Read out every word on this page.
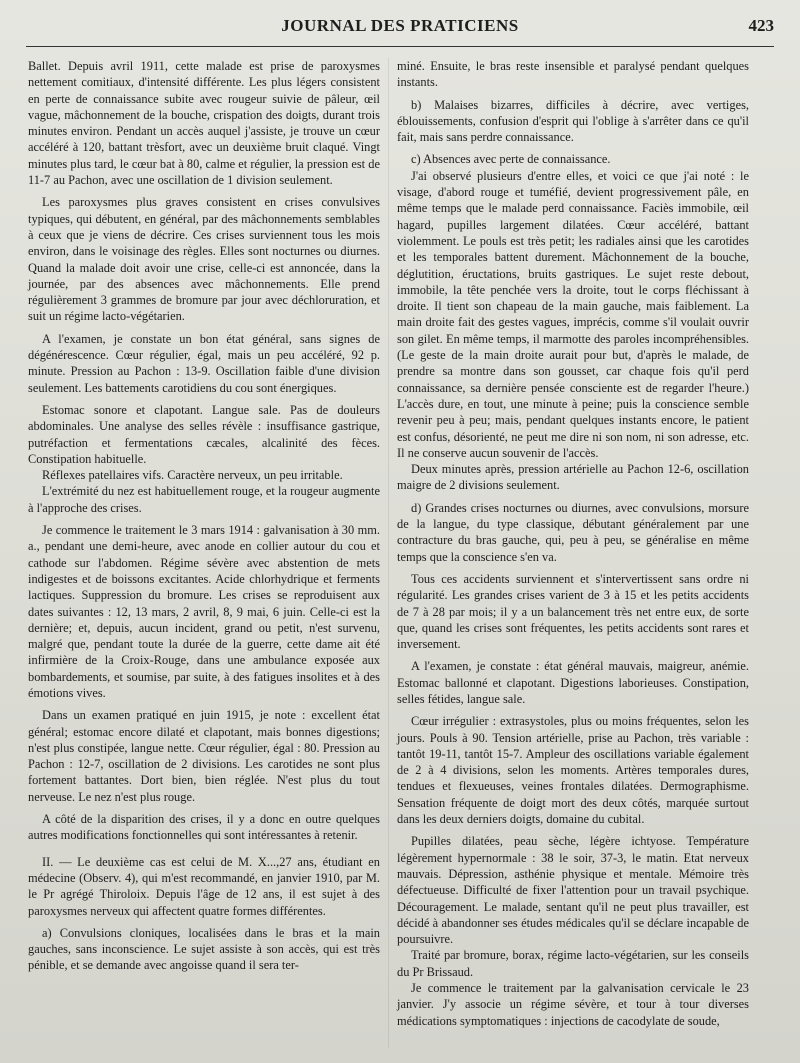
JOURNAL DES PRATICIENS	423

Ballet. Depuis avril 1911, cette malade est prise de paroxysmes nettement comitiaux, d'intensité différente. Les plus légers consistent en perte de connaissance subite avec rougeur suivie de pâleur, œil vague, mâchonnement de la bouche, crispation des doigts, durant trois minutes environ. Pendant un accès auquel j'assiste, je trouve un cœur accéléré à 120, battant trèsfort, avec un deuxième bruit claqué. Vingt minutes plus tard, le cœur bat à 80, calme et régulier, la pression est de 11-7 au Pachon, avec une oscillation de 1 division seulement.

Les paroxysmes plus graves consistent en crises convulsives typiques, qui débutent, en général, par des mâchonnements semblables à ceux que je viens de décrire. Ces crises surviennent tous les mois environ, dans le voisinage des règles. Elles sont nocturnes ou diurnes. Quand la malade doit avoir une crise, celle-ci est annoncée, dans la journée, par des absences avec mâchonnements. Elle prend régulièrement 3 grammes de bromure par jour avec déchloruration, et suit un régime lacto-végétarien.

A l'examen, je constate un bon état général, sans signes de dégénérescence. Cœur régulier, égal, mais un peu accéléré, 92 p. minute. Pression au Pachon : 13-9. Oscillation faible d'une division seulement. Les battements carotidiens du cou sont énergiques.

Estomac sonore et clapotant. Langue sale. Pas de douleurs abdominales. Une analyse des selles révèle : insuffisance gastrique, putréfaction et fermentations cæcales, alcalinité des fèces. Constipation habituelle.

Réflexes patellaires vifs. Caractère nerveux, un peu irritable.

L'extrémité du nez est habituellement rouge, et la rougeur augmente à l'approche des crises.

Je commence le traitement le 3 mars 1914 : galvanisation à 30 mm. a., pendant une demi-heure, avec anode en collier autour du cou et cathode sur l'abdomen. Régime sévère avec abstention de mets indigestes et de boissons excitantes. Acide chlorhydrique et ferments lactiques. Suppression du bromure. Les crises se reproduisent aux dates suivantes : 12, 13 mars, 2 avril, 8, 9 mai, 6 juin. Celle-ci est la dernière; et, depuis, aucun incident, grand ou petit, n'est survenu, malgré que, pendant toute la durée de la guerre, cette dame ait été infirmière de la Croix-Rouge, dans une ambulance exposée aux bombardements, et soumise, par suite, à des fatigues insolites et à des émotions vives.

Dans un examen pratiqué en juin 1915, je note : excellent état général; estomac encore dilaté et clapotant, mais bonnes digestions; n'est plus constipée, langue nette. Cœur régulier, égal : 80. Pression au Pachon : 12-7, oscillation de 2 divisions. Les carotides ne sont plus fortement battantes. Dort bien, bien réglée. N'est plus du tout nerveuse. Le nez n'est plus rouge.

A côté de la disparition des crises, il y a donc en outre quelques autres modifications fonctionnelles qui sont intéressantes à retenir.

II. — Le deuxième cas est celui de M. X...,27 ans, étudiant en médecine (Observ. 4), qui m'est recommandé, en janvier 1910, par M. le Pr agrégé Thiroloix. Depuis l'âge de 12 ans, il est sujet à des paroxysmes nerveux qui affectent quatre formes différentes.

a) Convulsions cloniques, localisées dans le bras et la main gauches, sans inconscience. Le sujet assiste à son accès, qui est très pénible, et se demande avec angoisse quand il sera ter-

miné. Ensuite, le bras reste insensible et paralysé pendant quelques instants.

b) Malaises bizarres, difficiles à décrire, avec vertiges, éblouissements, confusion d'esprit qui l'oblige à s'arrêter dans ce qu'il fait, mais sans perdre connaissance.

c) Absences avec perte de connaissance.

J'ai observé plusieurs d'entre elles, et voici ce que j'ai noté : le visage, d'abord rouge et tuméfié, devient progressivement pâle, en même temps que le malade perd connaissance. Faciès immobile, œil hagard, pupilles largement dilatées. Cœur accéléré, battant violemment. Le pouls est très petit; les radiales ainsi que les carotides et les temporales battent durement. Mâchonnement de la bouche, déglutition, éructations, bruits gastriques. Le sujet reste debout, immobile, la tête penchée vers la droite, tout le corps fléchissant à droite. Il tient son chapeau de la main gauche, mais faiblement. La main droite fait des gestes vagues, imprécis, comme s'il voulait ouvrir son gilet. En même temps, il marmotte des paroles incompréhensibles. (Le geste de la main droite aurait pour but, d'après le malade, de prendre sa montre dans son gousset, car chaque fois qu'il perd connaissance, sa dernière pensée consciente est de regarder l'heure.) L'accès dure, en tout, une minute à peine; puis la conscience semble revenir peu à peu; mais, pendant quelques instants encore, le patient est confus, désorienté, ne peut me dire ni son nom, ni son adresse, etc. Il ne conserve aucun souvenir de l'accès.

Deux minutes après, pression artérielle au Pachon 12-6, oscillation maigre de 2 divisions seulement.

d) Grandes crises nocturnes ou diurnes, avec convulsions, morsure de la langue, du type classique, débutant généralement par une contracture du bras gauche, qui, peu à peu, se généralise en même temps que la conscience s'en va.

Tous ces accidents surviennent et s'intervertissent sans ordre ni régularité. Les grandes crises varient de 3 à 15 et les petits accidents de 7 à 28 par mois; il y a un balancement très net entre eux, de sorte que, quand les crises sont fréquentes, les petits accidents sont rares et inversement.

A l'examen, je constate : état général mauvais, maigreur, anémie. Estomac ballonné et clapotant. Digestions laborieuses. Constipation, selles fétides, langue sale.

Cœur irrégulier : extrasystoles, plus ou moins fréquentes, selon les jours. Pouls à 90. Tension artérielle, prise au Pachon, très variable : tantôt 19-11, tantôt 15-7. Ampleur des oscillations variable également de 2 à 4 divisions, selon les moments. Artères temporales dures, tendues et flexueuses, veines frontales dilatées. Dermographisme. Sensation fréquente de doigt mort des deux côtés, marquée surtout dans les deux derniers doigts, domaine du cubital.

Pupilles dilatées, peau sèche, légère ichtyose. Température légèrement hypernormale : 38 le soir, 37-3, le matin. Etat nerveux mauvais. Dépression, asthénie physique et mentale. Mémoire très défectueuse. Difficulté de fixer l'attention pour un travail psychique. Découragement. Le malade, sentant qu'il ne peut plus travailler, est décidé à abandonner ses études médicales qu'il se déclare incapable de poursuivre.

Traité par bromure, borax, régime lacto-végétarien, sur les conseils du Pr Brissaud.

Je commence le traitement par la galvanisation cervicale le 23 janvier. J'y associe un régime sévère, et tour à tour diverses médications symptomatiques : injections de cacodylate de soude,
